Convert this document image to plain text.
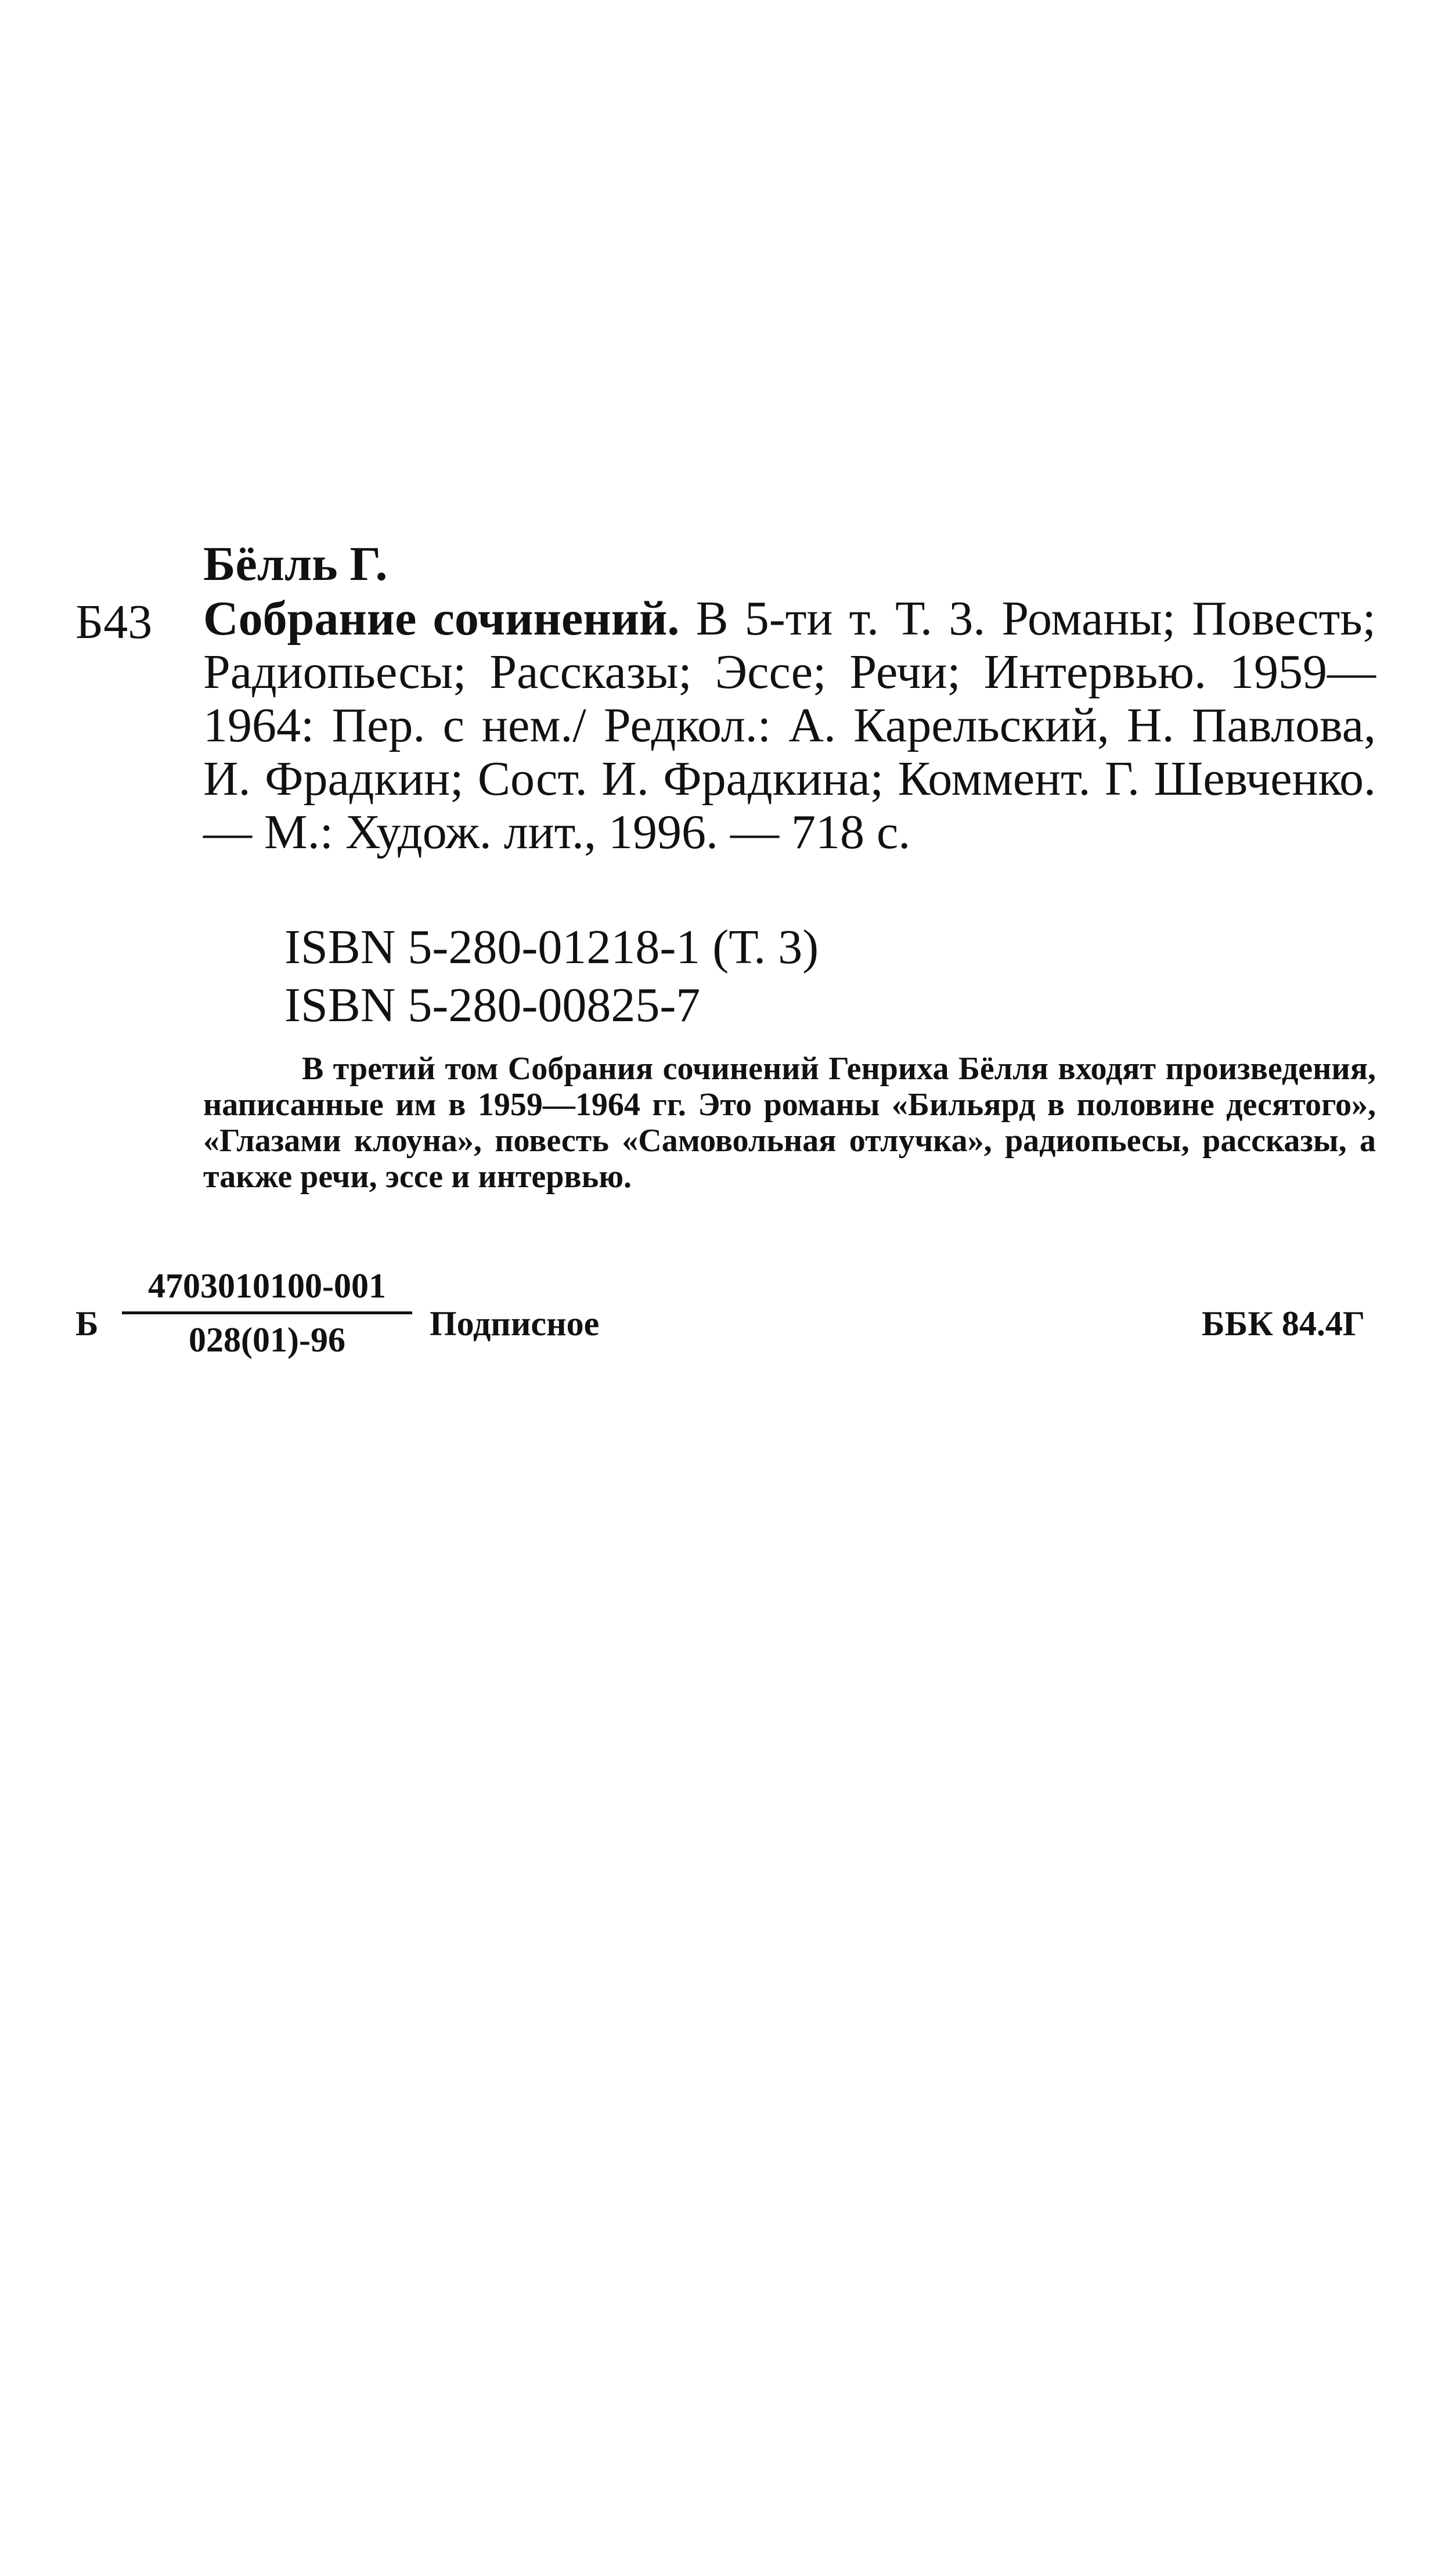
Бёлль Г.
Б43 Собрание сочинений. В 5-ти т. Т. 3. Романы; Повесть; Радиопьесы; Рассказы; Эссе; Речи; Интервью. 1959—1964: Пер. с нем./ Редкол.: А. Карельский, Н. Павлова, И. Фрадкин; Сост. И. Фрадкина; Коммент. Г. Шевченко. — М.: Худож. лит., 1996. — 718 с.
ISBN 5-280-01218-1 (Т. 3)
ISBN 5-280-00825-7
В третий том Собрания сочинений Генриха Бёлля входят произведения, написанные им в 1959—1964 гг. Это романы «Бильярд в половине десятого», «Глазами клоуна», повесть «Самовольная отлучка», радиопьесы, рассказы, а также речи, эссе и интервью.
Б $\frac{4703010100-001}{028(01)-96}$ Подписное	ББК 84.4Г
